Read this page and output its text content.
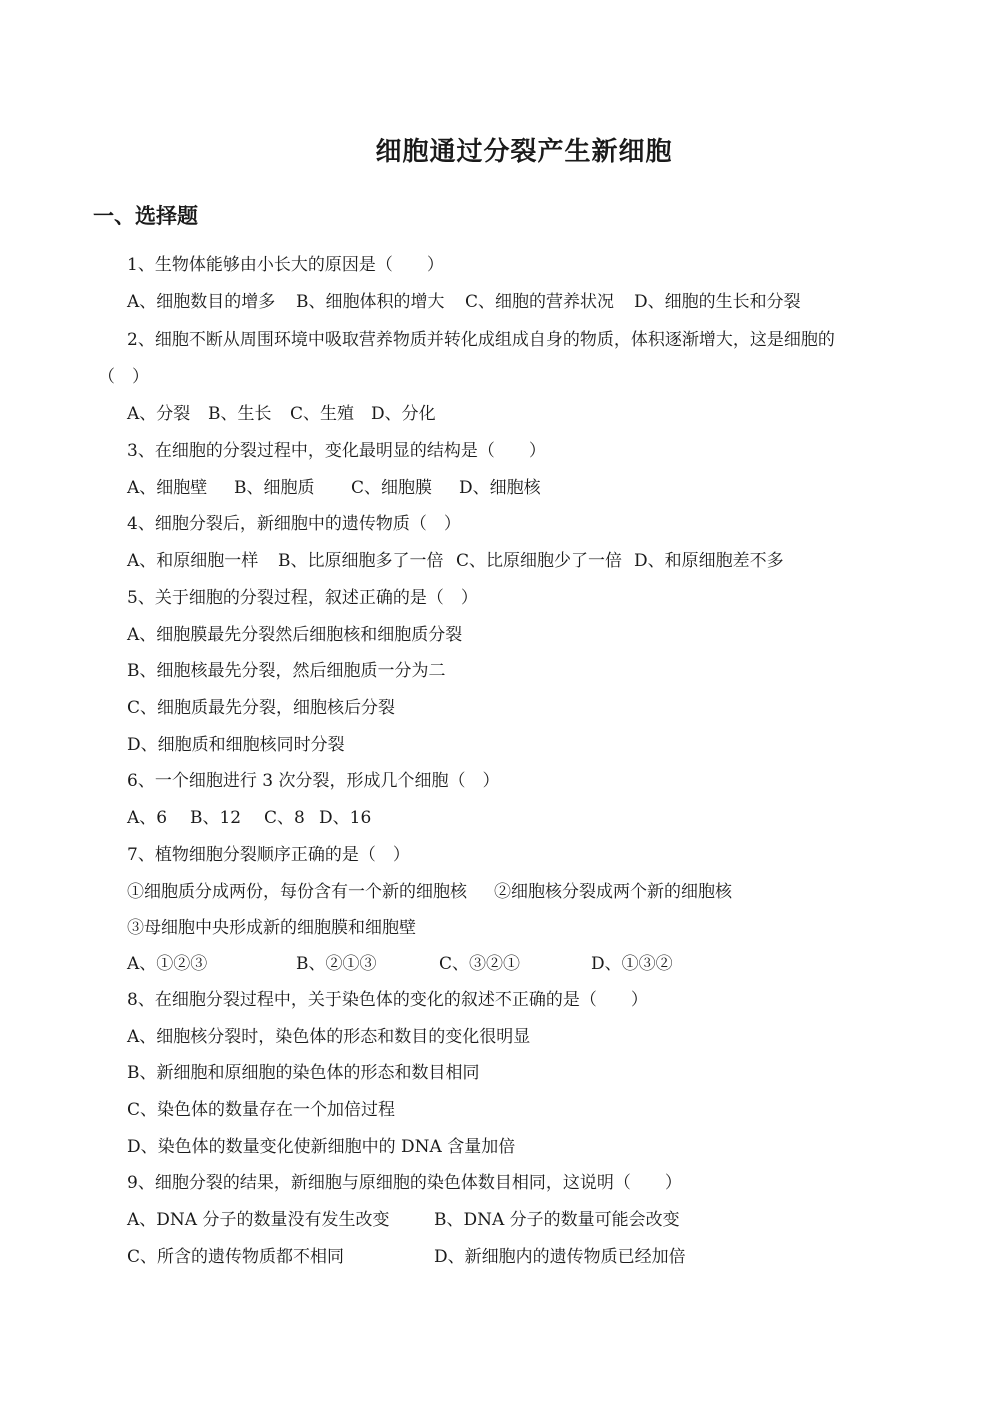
细胞通过分裂产生新细胞
一、选择题
1、生物体能够由小长大的原因是（　　）
A、细胞数目的增多 B、细胞体积的增大 C、细胞的营养状况 D、细胞的生长和分裂
2、细胞不断从周围环境中吸取营养物质并转化成组成自身的物质，体积逐渐增大，这是细胞的
（　）
A、分裂 B、生长 C、生殖 D、分化
3、在细胞的分裂过程中，变化最明显的结构是（　　）
A、细胞壁 B、细胞质 C、细胞膜 D、细胞核
4、细胞分裂后，新细胞中的遗传物质（　）
A、和原细胞一样 B、比原细胞多了一倍 C、比原细胞少了一倍 D、和原细胞差不多
5、关于细胞的分裂过程，叙述正确的是（　）
A、细胞膜最先分裂然后细胞核和细胞质分裂
B、细胞核最先分裂，然后细胞质一分为二
C、细胞质最先分裂，细胞核后分裂
D、细胞质和细胞核同时分裂
6、一个细胞进行 3 次分裂，形成几个细胞（　）
A、6 B、12 C、8 D、16
7、植物细胞分裂顺序正确的是（　）
①细胞质分成两份，每份含有一个新的细胞核 ②细胞核分裂成两个新的细胞核
③母细胞中央形成新的细胞膜和细胞壁
A、①②③	B、②①③	C、③②①	D、①③②
8、在细胞分裂过程中，关于染色体的变化的叙述不正确的是（　　）
A、细胞核分裂时，染色体的形态和数目的变化很明显
B、新细胞和原细胞的染色体的形态和数目相同
C、染色体的数量存在一个加倍过程
D、染色体的数量变化使新细胞中的 DNA 含量加倍
9、细胞分裂的结果，新细胞与原细胞的染色体数目相同，这说明（　　）
A、DNA 分子的数量没有发生改变	B、DNA 分子的数量可能会改变
C、所含的遗传物质都不相同	D、新细胞内的遗传物质已经加倍
